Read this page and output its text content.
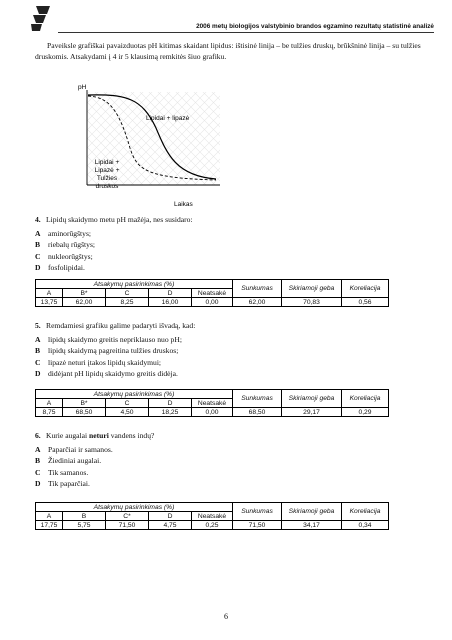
2006 metų biologijos valstybinio brandos egzamino rezultatų statistinė analizė
Paveiksle grafiškai pavaizduotas pH kitimas skaidant lipidus: ištisinė linija – be tulžies druskų, brūkšninė linija – su tulžies druskomis. Atsakydami į 4 ir 5 klausimą remkitės šiuo grafiku.
pH
Lipidai + lipazė
Lipidai +
Lipazė +
Tulžies
druskos
Laikas
4. Lipidų skaidymo metu pH mažėja, nes susidaro:
A aminorūgštys;
B riebalų rūgštys;
C nukleorūgštys;
D fosfolipidai.
Atsakymų pasirinkimas (%)					Sunkumas	Skiriamoji geba	Koreliacija
A	B*	C	D	Neatsakė			
13,75	62,00	8,25	16,00	0,00	62,00	70,83	0,56
5. Remdamiesi grafiku galime padaryti išvadą, kad:
A lipidų skaidymo greitis nepriklauso nuo pH;
B lipidų skaidymą pagreitina tulžies druskos;
C lipazė neturi įtakos lipidų skaidymui;
D didėjant pH lipidų skaidymo greitis didėja.
Atsakymų pasirinkimas (%)					Sunkumas	Skiriamoji geba	Koreliacija
A	B*	C	D	Neatsakė			
8,75	68,50	4,50	18,25	0,00	68,50	29,17	0,29
6. Kurie augalai neturi vandens indų?
A Paparčiai ir samanos.
B Žiediniai augalai.
C Tik samanos.
D Tik paparčiai.
Atsakymų pasirinkimas (%)					Sunkumas	Skiriamoji geba	Koreliacija
A	B	C*	D	Neatsakė			
17,75	5,75	71,50	4,75	0,25	71,50	34,17	0,34
6
